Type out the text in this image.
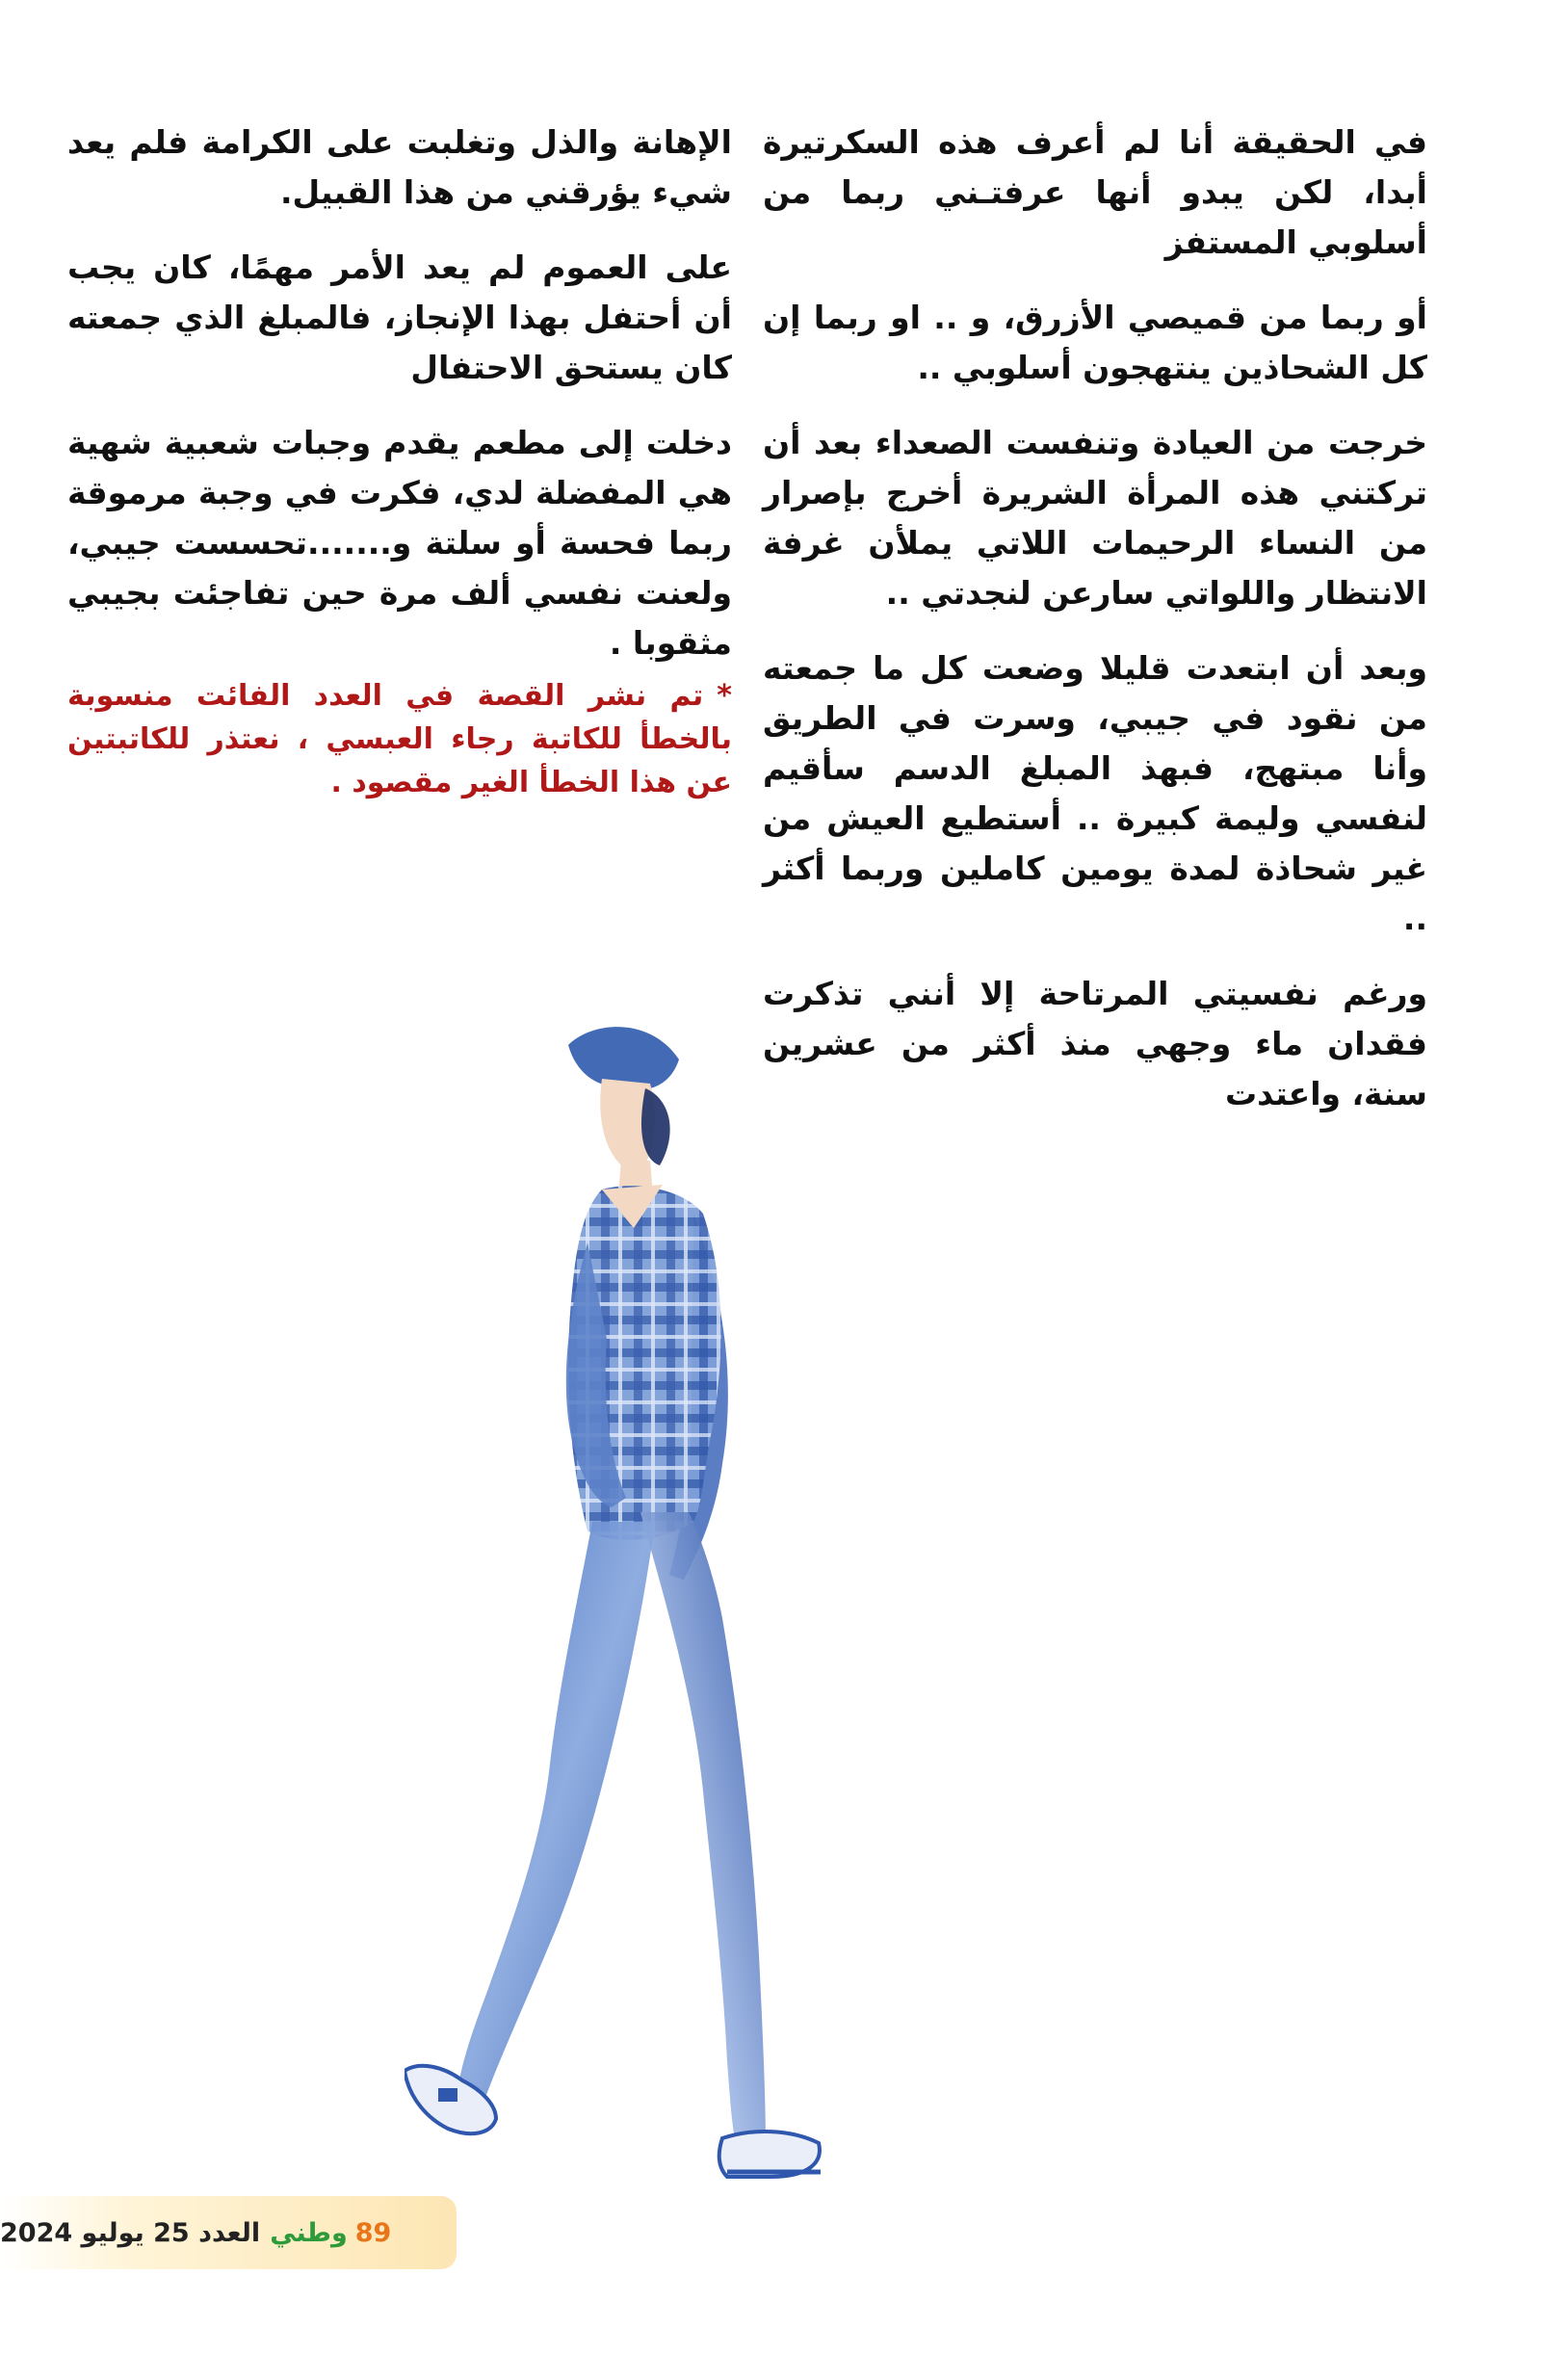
في الحقيقة أنا لم أعرف هذه السكرتيرة أبدا، لكن يبدو أنها عرفتـني ربما من أسلوبي المستفز

أو ربما من قميصي الأزرق، و .. او ربما إن كل الشحاذين ينتهجون أسلوبي ..

خرجت من العيادة وتنفست الصعداء بعد أن تركتني هذه المرأة الشريرة أخرج بإصرار من النساء الرحيمات اللاتي يملأن غرفة الانتظار واللواتي سارعن لنجدتي ..

وبعد أن ابتعدت قليلا وضعت كل ما جمعته من نقود في جيبي، وسرت في الطريق وأنا مبتهج، فبهذ المبلغ الدسم سأقيم لنفسي وليمة كبيرة .. أستطيع العيش من غير شحاذة لمدة يومين كاملين وربما أكثر ..

ورغم نفسيتي المرتاحة إلا أنني تذكرت فقدان ماء وجهي منذ أكثر من عشرين سنة، واعتدت

الإهانة والذل وتغلبت على الكرامة فلم يعد شيء يؤرقني من هذا القبيل.

على العموم لم يعد الأمر مهمًا، كان يجب أن أحتفل بهذا الإنجاز، فالمبلغ الذي جمعته كان يستحق الاحتفال

دخلت إلى مطعم يقدم وجبات شعبية شهية هي المفضلة لدي، فكرت في وجبة مرموقة ربما فحسة أو سلتة و.......تحسست جيبي، ولعنت نفسي ألف مرة حين تفاجئت بجيبي مثقوبا .

*تم نشر القصة في العدد الفائت منسوبة بالخطأ للكاتبة رجاء العبسي ، نعتذر للكاتبتين عن هذا الخطأ الغير مقصود .
89
وطني
العدد 25 يوليو 2024
